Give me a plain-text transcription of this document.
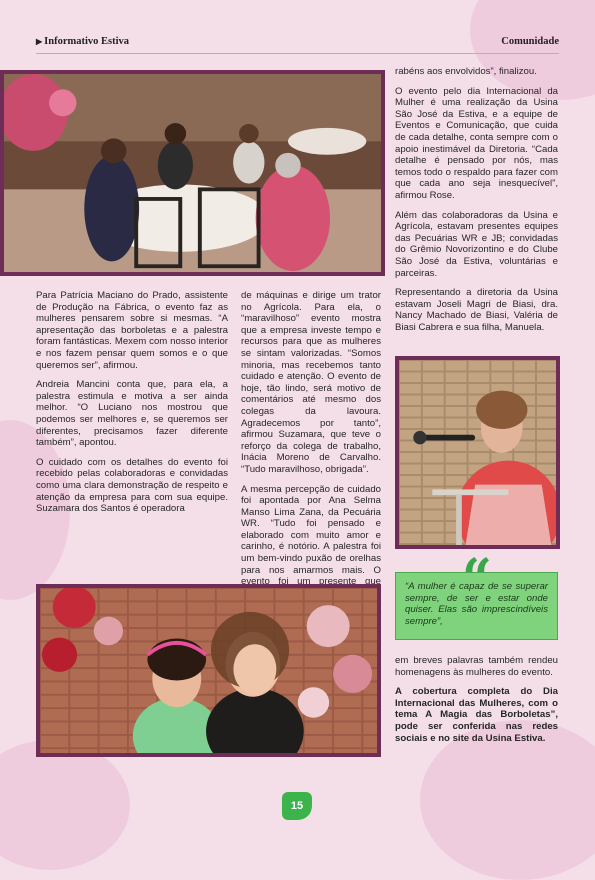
▶ Informativo Estiva	Comunidade

Para Patrícia Maciano do Prado, assistente de Produção na Fábrica, o evento faz as mulheres pensarem sobre si mesmas. “A apresentação das borboletas e a palestra foram fantásticas. Mexem com nosso interior e nos fazem pensar quem somos e o que queremos ser”, afirmou.

Andreia Mancini conta que, para ela, a palestra estimula e motiva a ser ainda melhor. “O Luciano nos mostrou que podemos ser melhores e, se queremos ser diferentes, precisamos fazer diferente também”, apontou.

O cuidado com os detalhes do evento foi recebido pelas colaboradoras e convidadas como uma clara demonstração de respeito e atenção da empresa para com sua equipe. Suzamara dos Santos é operadora

de máquinas e dirige um trator no Agrícola. Para ela, o “maravilhoso” evento mostra que a empresa investe tempo e recursos para que as mulheres se sintam valorizadas. “Somos minoria, mas recebemos tanto cuidado e atenção. O evento de hoje, tão lindo, será motivo de comentários até mesmo dos colegas da lavoura. Agradecemos por tanto”, afirmou Suzamara, que teve o reforço da colega de trabalho, Inácia Moreno de Carvalho. “Tudo maravilhoso, obrigada”.

A mesma percepção de cuidado foi apontada por Ana Selma Manso Lima Zana, da Pecuária WR. “Tudo foi pensado e elaborado com muito amor e carinho, é notório. A palestra foi um bem-vindo puxão de orelhas para nos amarmos mais. O evento foi um presente que

rabéns aos envolvidos”, finalizou.

O evento pelo dia Internacional da Mulher é uma realização da Usina São José da Estiva, e a equipe de Eventos e Comunicação, que cuida de cada detalhe, conta sempre com o apoio inestimável da Diretoria. “Cada detalhe é pensado por nós, mas temos todo o respaldo para fazer com que cada ano seja inesquecível”, afirmou Rose.

Além das colaboradoras da Usina e Agrícola, estavam presentes equipes das Pecuárias WR e JB; convidadas do Grêmio Novorizontino e do Clube São José da Estiva, voluntárias e parceiras.

Representando a diretoria da Usina estavam Joseli Magri de Biasi, dra. Nancy Machado de Biasi, Valéria de Biasi Cabrera e sua filha, Manuela.

“A mulher é capaz de se superar sempre, de ser e estar onde quiser. Elas são imprescindíveis sempre”,

em breves palavras também rendeu homenagens às mulheres do evento.

A cobertura completa do Dia Internacional das Mulheres, com o tema A Magia das Borboletas”, pode ser conferida nas redes sociais e no site da Usina Estiva.

15
